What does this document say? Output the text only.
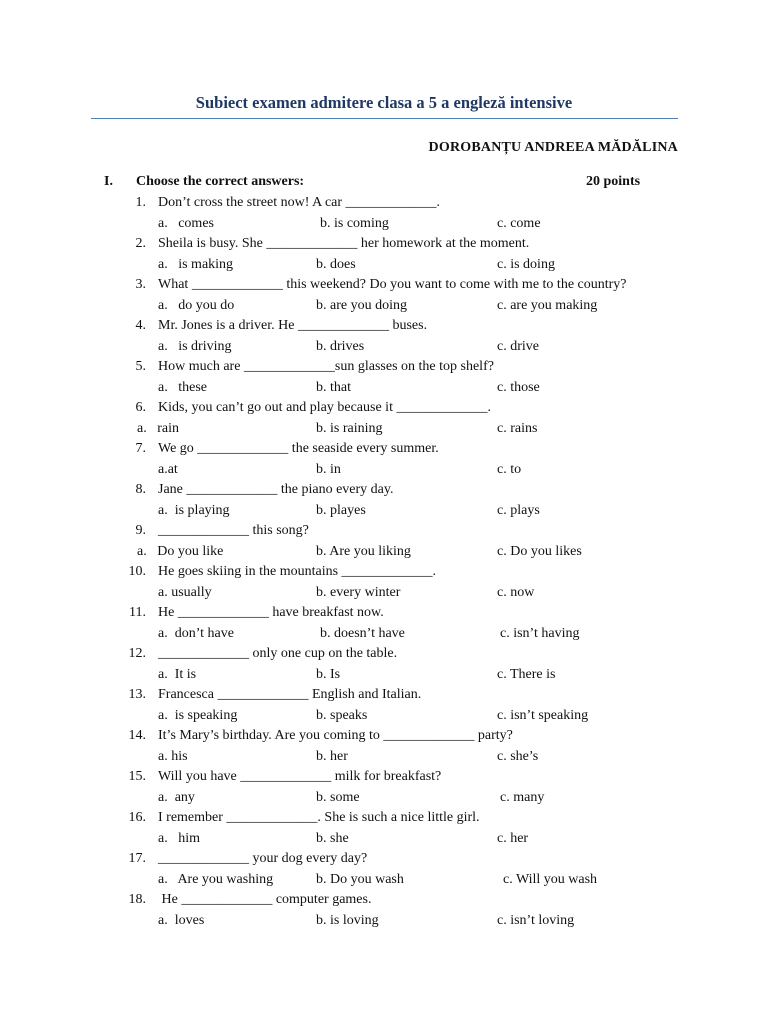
Subiect examen admitere clasa a 5 a engleză intensive
DOROBANȚU ANDREEA MĂDĂLINA
I. Choose the correct answers:	20 points
1. Don’t cross the street now! A car _____________.
a.   comes	b. is coming	c. come
2. Sheila is busy. She _____________ her homework at the moment.
a.   is making	b. does	c. is doing
3. What _____________ this weekend? Do you want to come with me to the country?
a.   do you do	b. are you doing	c. are you making
4. Mr. Jones is a driver. He _____________ buses.
a.   is driving	b. drives	c. drive
5. How much are _____________sun glasses on the top shelf?
a.   these	b. that	c. those
6. Kids, you can’t go out and play because it _____________.
a.   rain	b. is raining	c. rains
7. We go _____________ the seaside every summer.
a.at	b. in	c. to
8. Jane _____________ the piano every day.
a.  is playing	b. playes	c. plays
9. _____________ this song?
a.   Do you like	b. Are you liking	c. Do you likes
10. He goes skiing in the mountains _____________.
a. usually	b. every winter	c. now
11. He _____________ have breakfast now.
a.  don’t have	b. doesn’t have	c. isn’t having
12. _____________ only one cup on the table.
a.  It is	b. Is	c. There is
13. Francesca _____________ English and Italian.
a.  is speaking	b. speaks	c. isn’t speaking
14. It’s Mary’s birthday. Are you coming to _____________ party?
a. his	b. her	c. she’s
15. Will you have _____________ milk for breakfast?
a.  any	b. some	c. many
16. I remember _____________. She is such a nice little girl.
a.   him	b. she	c. her
17. _____________ your dog every day?
a.   Are you washing	b. Do you wash	c. Will you wash
18. He _____________ computer games.
a.  loves	b. is loving	c. isn’t loving
